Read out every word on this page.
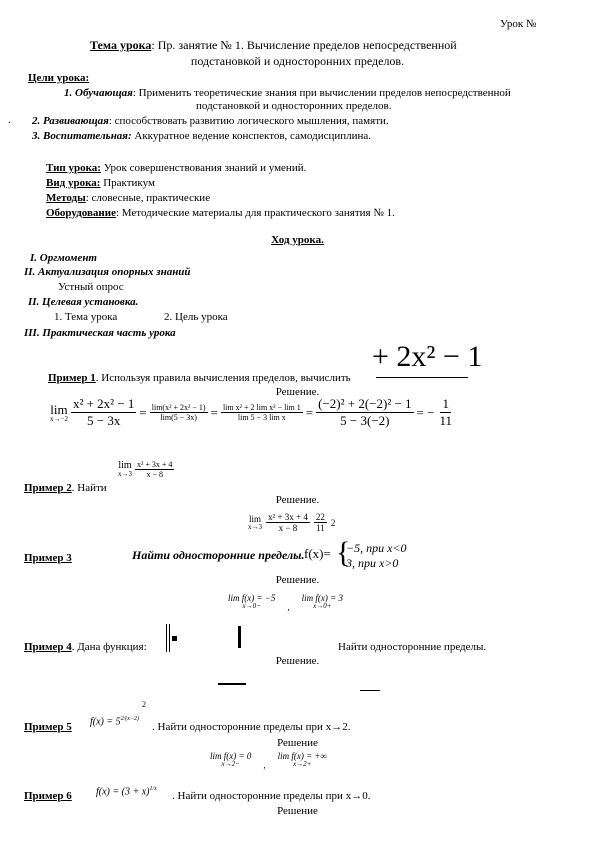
Урок №
Тема урока: Пр. занятие № 1. Вычисление пределов непосредственной
подстановкой и односторонних пределов.
Цели урока:
1. Обучающая: Применить теоретические знания при вычислении пределов непосредственной
подстановкой и односторонних пределов.
. 2. Развивающая: способствовать развитию логического мышления, памяти.
3. Воспитательная: Аккуратное ведение конспектов, самодисциплина.
Тип урока: Урок совершенствования знаний и умений.
Вид урока: Практикум
Методы: словесные, практические
Оборудование: Методические материалы для практического занятия № 1.
Ход урока.
I. Оргмомент
II. Актуализация опорных знаний
Устный опрос
II. Целевая установка.
1. Тема урока	2. Цель урока
III. Практическая часть урока
+ 2x² − 1
Пример 1. Используя правила вычисления пределов, вычислить
Решение.
lim
$x\to-2 \frac{\text{x² + 2x² − 1}}{5 - 3x} = \frac{\text{lim(x² + 2x² − 1)}}{\lim(5 - 3x)} = \frac{\text{lim x² + 2 lim x² − lim 1}}{\text{lim 5 − 3 lim x}} = \frac{\text{(−2)² + 2(−2)² − 1}}{5 - 3(-2)}$ = − $\frac{1}{11}$
Пример 2. Найти
lim
$x\to 3 \frac{\text{x² + 3x + 4}}{x - 8}$
Решение.
lim
$x\to 3 \frac{\text{x² + 3x + 4}}{x - 8} \frac{22}{11} 2$
Пример 3	Найти односторонние пределы. f(x)= {
−5, при x<0
3, при x>0
Решение.
lim f(x) = −5
x→0−	,
lim f(x) = 3
x→0+
Пример 4. Дана функция:	Найти односторонние пределы.
Решение.
Пример 5 $f(x) = 5^{2/(x-2)}$
2
. Найти односторонние пределы при x→2.
Решение
lim f(x) = 0
x→2−	,
lim f(x) = +∞
x→2+
Пример 6 $f(x) = (3 + x)^{1/x}$
. Найти односторонние пределы при x→0.
Решение
